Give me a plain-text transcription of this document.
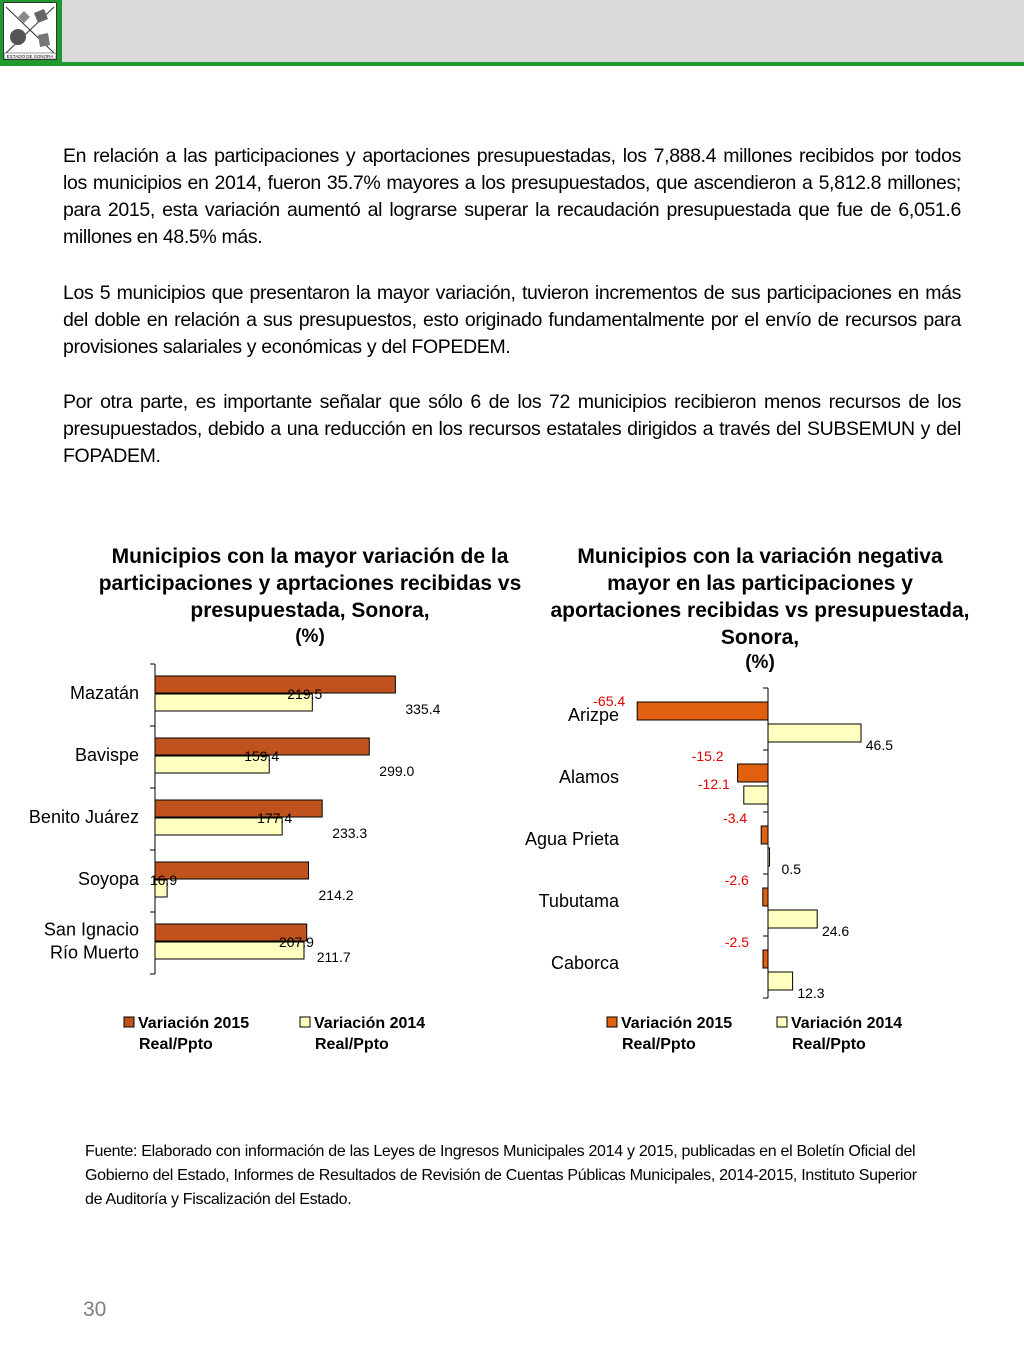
ESTADO DE SONORA

En relación a las participaciones y aportaciones presupuestadas, los 7,888.4 millones recibidos por todos los municipios en 2014, fueron 35.7% mayores a los presupuestados, que ascendieron a 5,812.8 millones; para 2015, esta variación aumentó al lograrse superar la recaudación presupuestada que fue de 6,051.6 millones en 48.5% más.

Los 5 municipios que presentaron la mayor variación, tuvieron incrementos de sus participaciones en más del doble en relación a sus presupuestos, esto originado fundamentalmente por el envío de recursos para provisiones salariales y económicas y del FOPEDEM.

Por otra parte, es importante señalar que sólo 6 de los 72 municipios recibieron menos recursos de los presupuestados, debido a una reducción en los recursos estatales dirigidos a través del SUBSEMUN y del FOPADEM.

Municipios con la mayor variación de la participaciones y aprtaciones recibidas vs presupuestada, Sonora,

(%)

Municipios con la variación negativa mayor en las participaciones y aportaciones recibidas vs presupuestada, Sonora,

(%)

Mazatán
335.4
219.5
Bavispe
299.0
159.4
Benito Juárez
233.3
177.4
Soyopa
214.2
16.9
San Ignacio
Río Muerto	211.7
207.9
Variación 2015
Real/Ppto
Variación 2014
Real/Ppto
Arizpe
-65.4
46.5
Alamos
-15.2
-12.1
Agua Prieta
-3.4
0.5
Tubutama
-2.6
24.6
Caborca
-2.5
12.3
Variación 2015
Real/Ppto
Variación 2014
Real/Ppto

Fuente: Elaborado con información de las Leyes de Ingresos Municipales 2014 y 2015, publicadas en el Boletín Oficial del Gobierno del Estado, Informes de Resultados de Revisión de Cuentas Públicas Municipales, 2014-2015, Instituto Superior de Auditoría y Fiscalización del Estado.

30
